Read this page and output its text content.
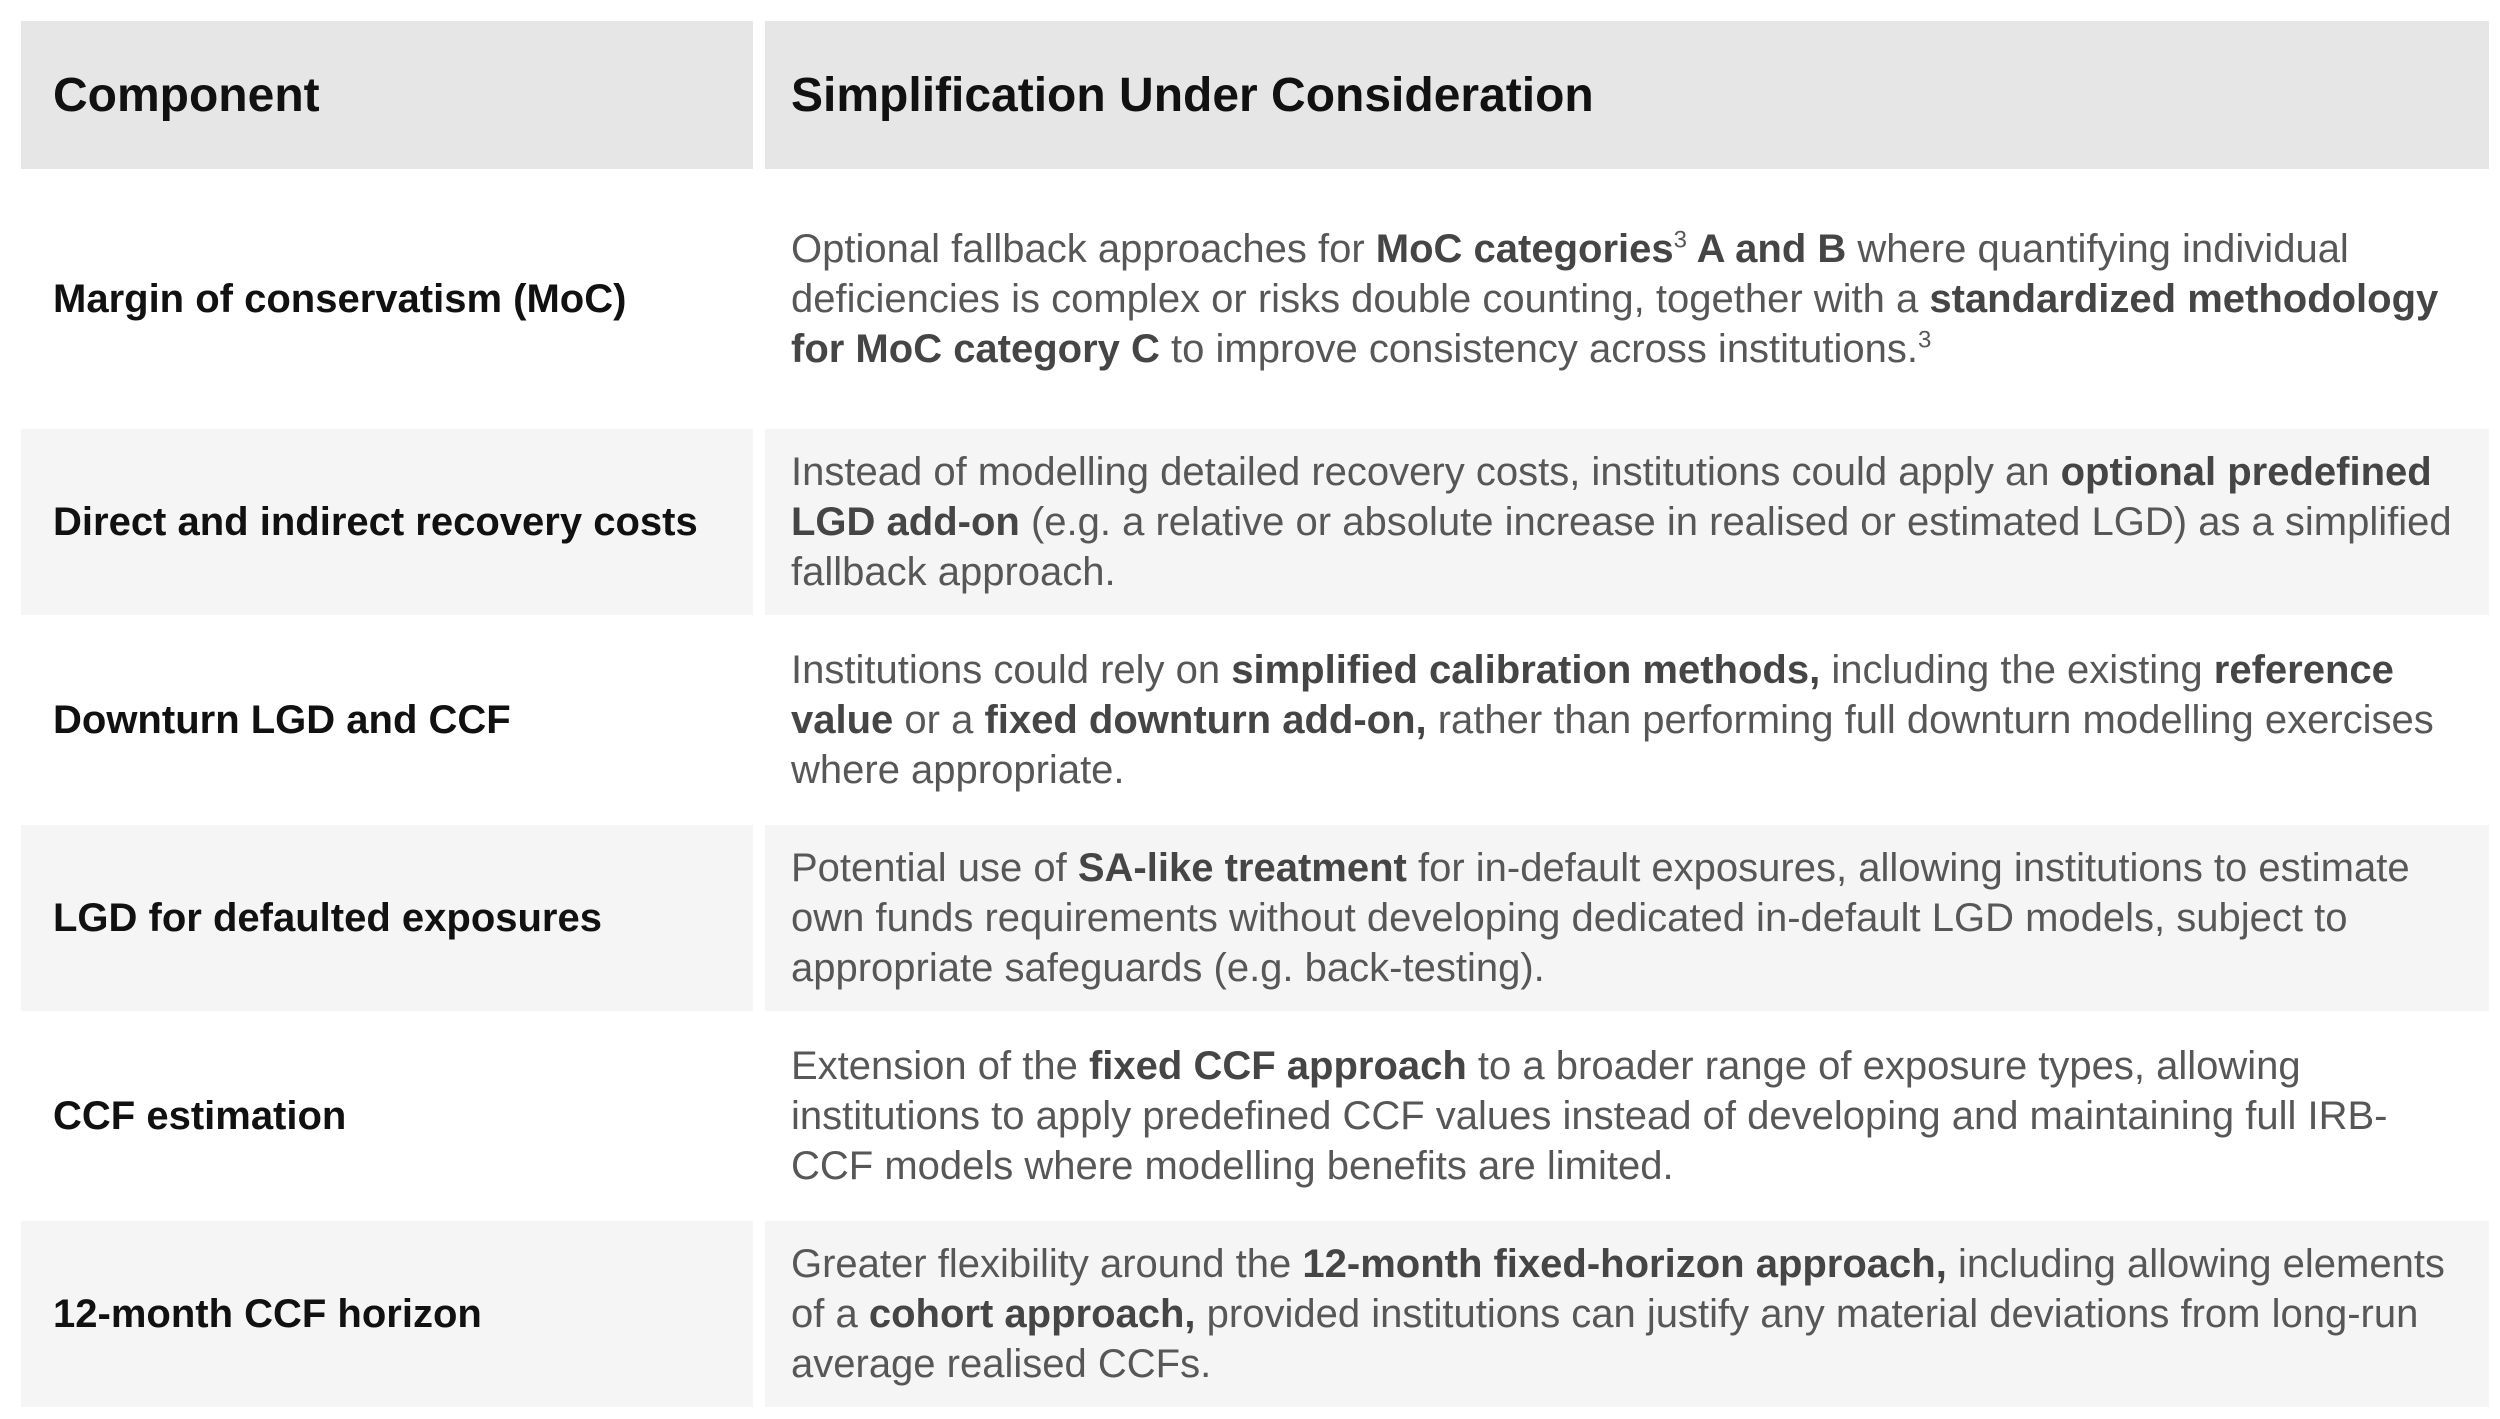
Component	Simplification Under Consideration
Margin of conservatism (MoC)
Optional fallback approaches for MoC categories$^3$ A and B where quantifying individual deficiencies is complex or risks double counting, together with a standardized methodology for MoC category C to improve consistency across institutions.$^3$
Direct and indirect recovery costs
Instead of modelling detailed recovery costs, institutions could apply an optional predefined LGD add-on (e.g. a relative or absolute increase in realised or estimated LGD) as a simplified fallback approach.
Downturn LGD and CCF
Institutions could rely on simplified calibration methods, including the existing reference value or a fixed downturn add-on, rather than performing full downturn modelling exercises where appropriate.
LGD for defaulted exposures
Potential use of SA-like treatment for in-default exposures, allowing institutions to estimate own funds requirements without developing dedicated in-default LGD models, subject to appropriate safeguards (e.g. back-testing).
CCF estimation
Extension of the fixed CCF approach to a broader range of exposure types, allowing institutions to apply predefined CCF values instead of developing and maintaining full IRB-CCF models where modelling benefits are limited.
12-month CCF horizon
Greater flexibility around the 12-month fixed-horizon approach, including allowing elements of a cohort approach, provided institutions can justify any material deviations from long-run average realised CCFs.
